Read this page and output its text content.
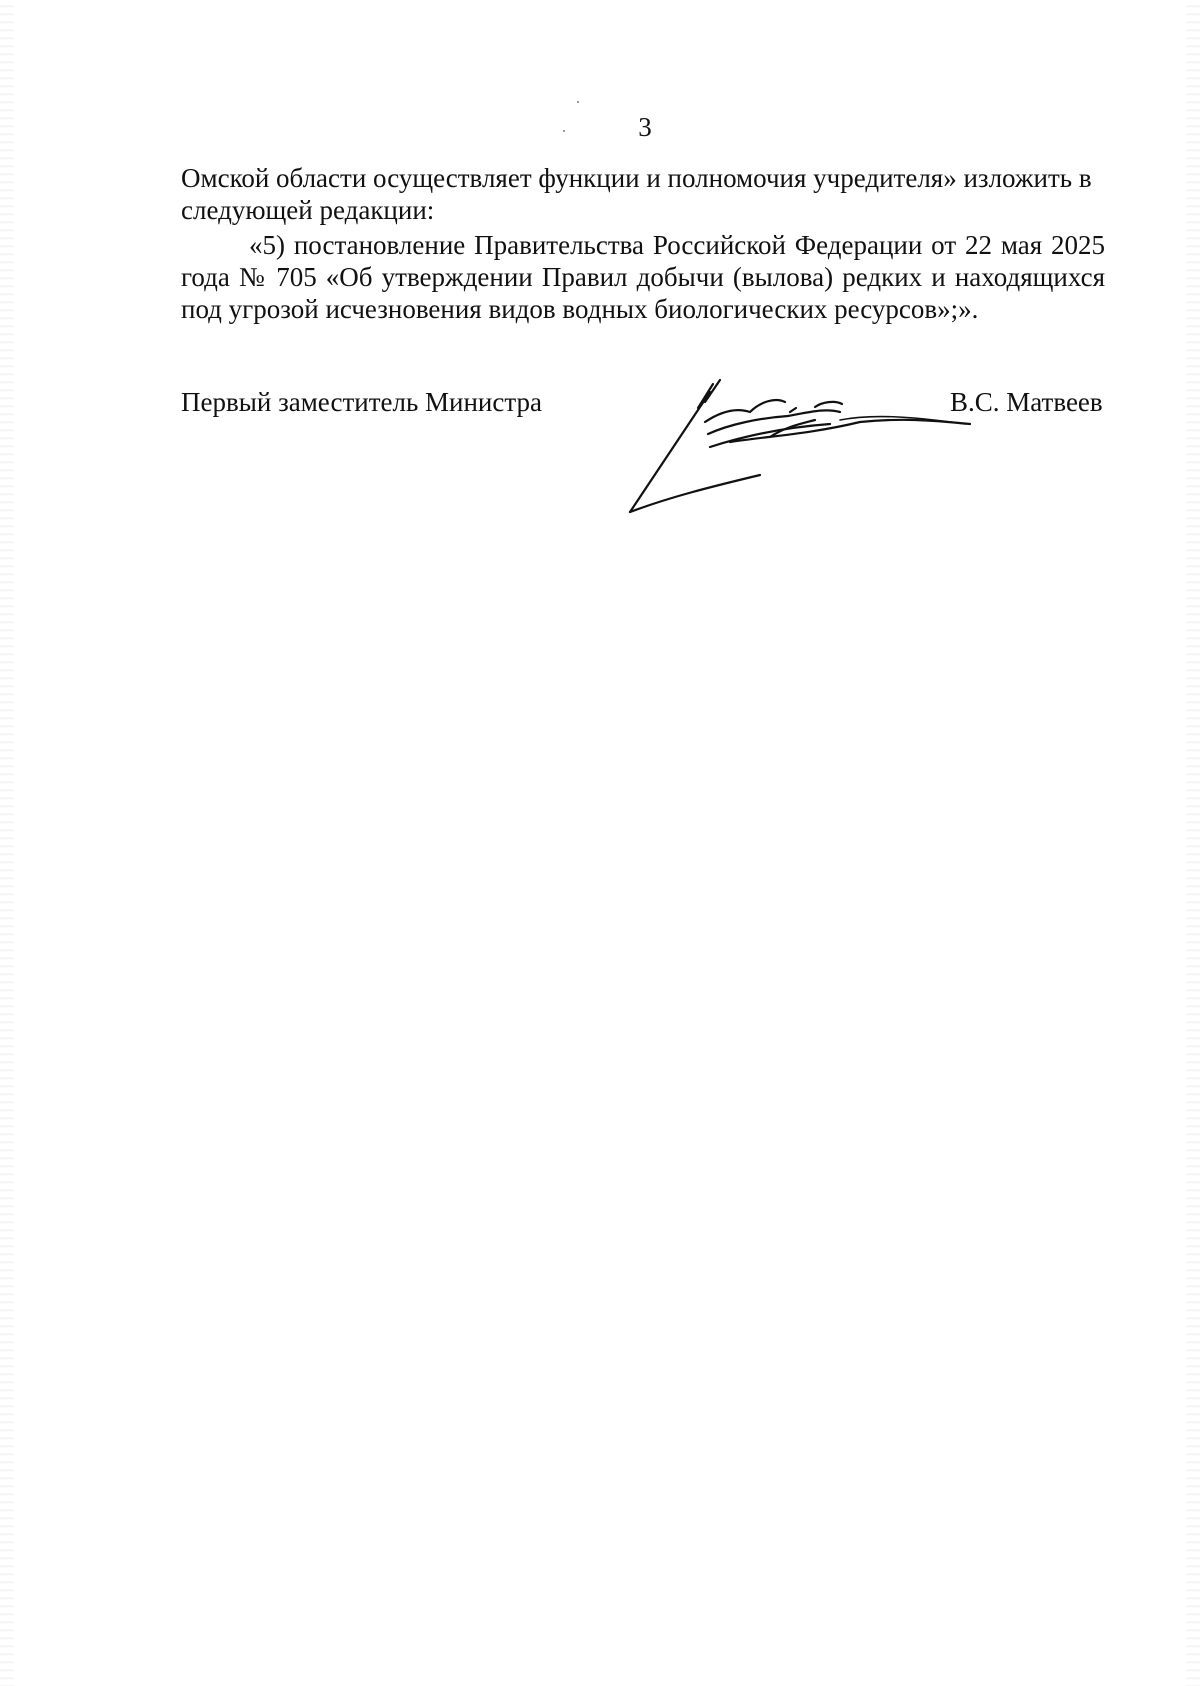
3

Омской области осуществляет функции и полномочия учредителя» изложить в следующей редакции:

«5) постановление Правительства Российской Федерации от 22 мая 2025 года № 705 «Об утверждении Правил добычи (вылова) редких и находящихся под угрозой исчезновения видов водных биологических ресурсов»;».

Первый заместитель Министра	В.С. Матвеев
